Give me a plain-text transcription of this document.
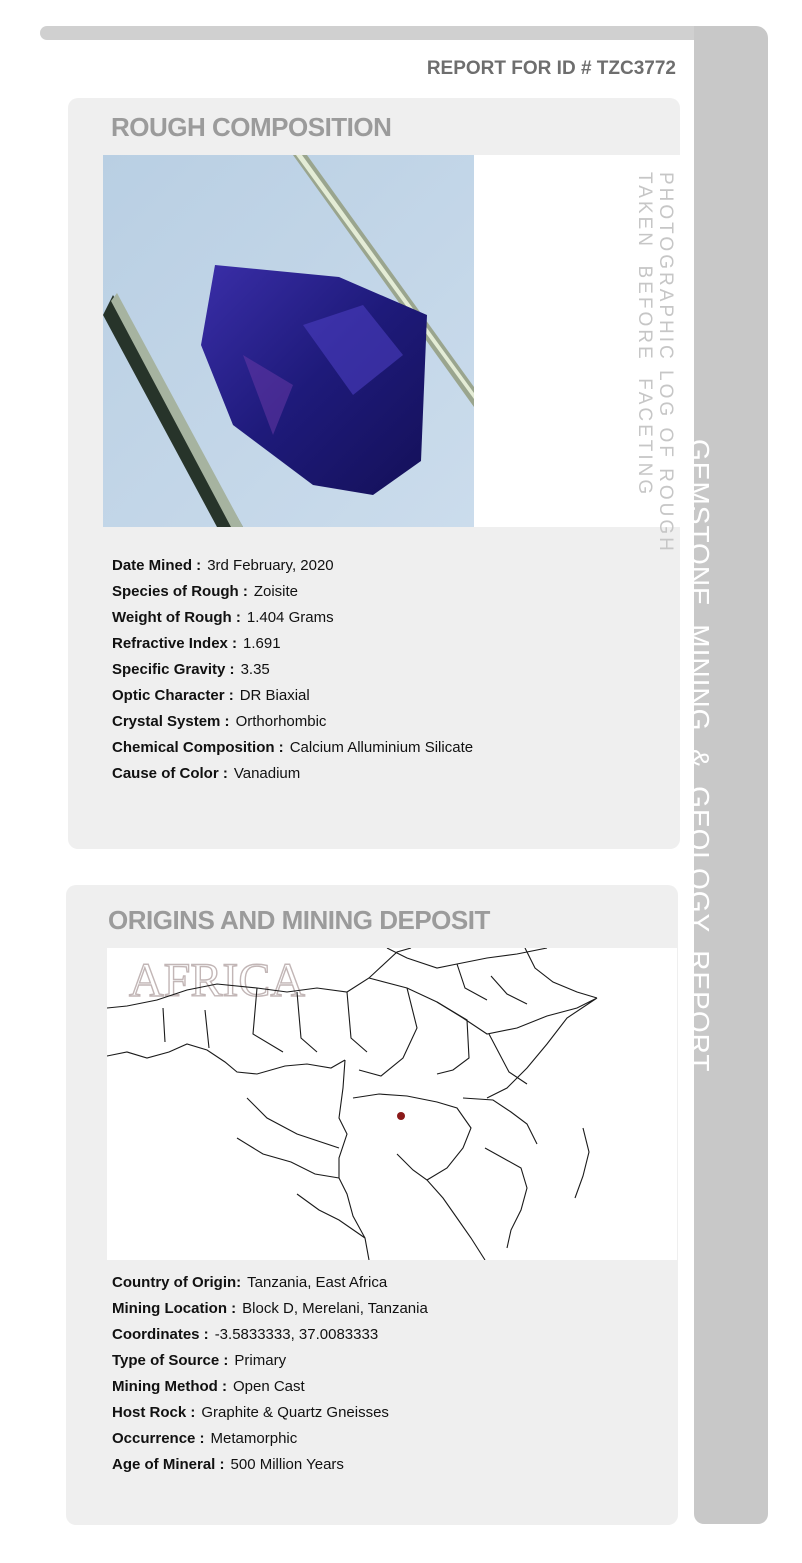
GEMSTONE  MINING  &  GEOLOGY  REPORT
REPORT FOR ID # TZC3772
ROUGH COMPOSITION
PHOTOGRAPHIC LOG OF ROUGH
TAKEN  BEFORE  FACETING
Date Mined : 3rd February, 2020
Species of Rough : Zoisite
Weight of Rough : 1.404 Grams
Refractive Index : 1.691
Specific Gravity : 3.35
Optic Character : DR Biaxial
Crystal System : Orthorhombic
Chemical Composition : Calcium Alluminium Silicate
Cause of Color : Vanadium
ORIGINS AND MINING DEPOSIT
AFRICA
Country of Origin: Tanzania, East Africa
Mining Location : Block D, Merelani, Tanzania
Coordinates : -3.5833333, 37.0083333
Type of Source : Primary
Mining Method : Open Cast
Host Rock : Graphite & Quartz Gneisses
Occurrence : Metamorphic
Age of Mineral : 500 Million Years
